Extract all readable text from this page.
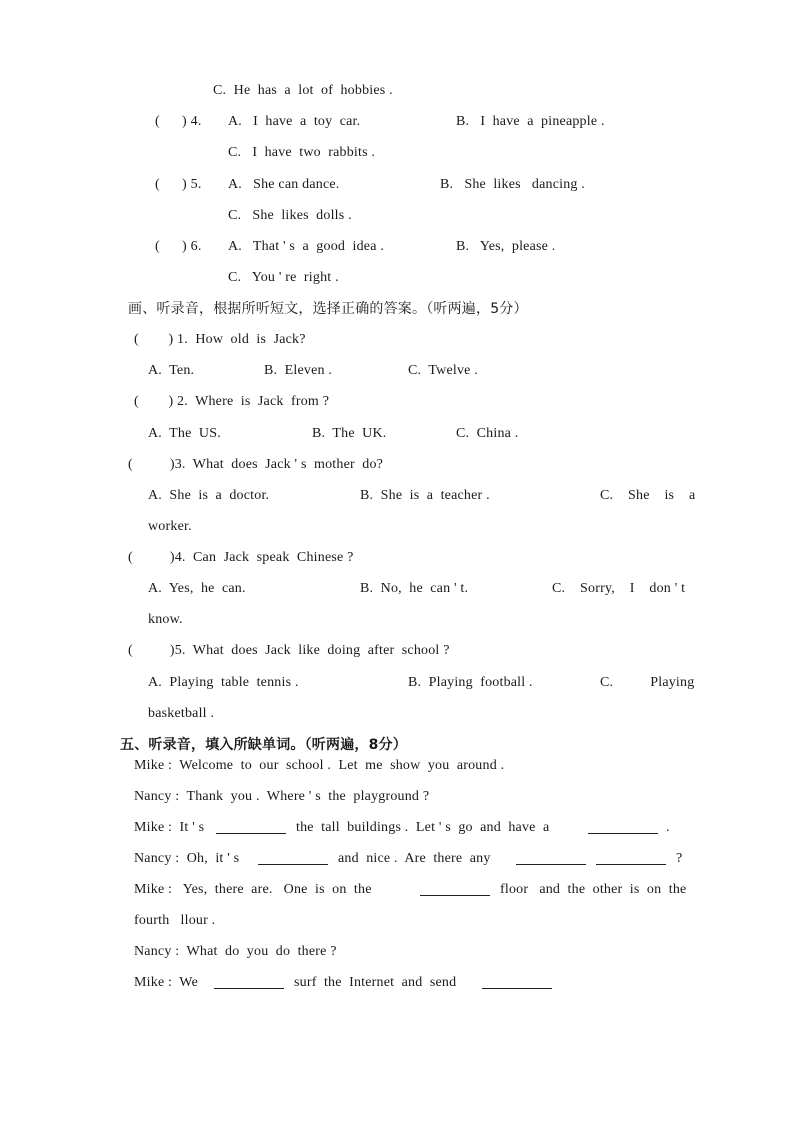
C.  He  has  a  lot  of  hobbies .
(      ) 4. A.   I  have  a  toy  car.	B.   I  have  a  pineapple .
C.   I  have  two  rabbits .
(      ) 5. A.   She can dance.	B.   She  likes   dancing .
C.   She  likes  dolls .
(      ) 6. A.   That ' s  a  good  idea .	B.   Yes,  please .
C.   You ' re  right .
画、听录音，根据所听短文，选择正确的答案。（听两遍，5分）
(        ) 1.  How  old  is  Jack?
A.  Ten.	B.  Eleven .	C.  Twelve .
(        ) 2.  Where  is  Jack  from ?
A.  The  US.	B.  The  UK.	C.  China .
(          )3.  What  does  Jack ' s  mother  do?
A.  She  is  a  doctor.	B.  She  is  a  teacher .	C.    She    is    a
worker.
(          )4.  Can  Jack  speak  Chinese ?
A.  Yes,  he  can.	B.  No,  he  can ' t.	C.    Sorry,    I    don ' t
know.
(          )5.  What  does  Jack  like  doing  after  school ?
A.  Playing  table  tennis .	B.  Playing  football .	C.          Playing
basketball .
五、听录音，填入所缺单词。（听两遍，8分）
Mike :  Welcome  to  our  school .  Let  me  show  you  around .
Nancy :  Thank  you .  Where ' s  the  playground ?
Mike :  It ' s	the  tall  buildings .  Let ' s  go  and  have  a	.
Nancy :  Oh,  it ' s	and  nice .  Are  there  any	?
Mike :   Yes,  there  are.   One  is  on  the	floor   and  the  other  is  on  the
fourth   llour .
Nancy :  What  do  you  do  there ?
Mike :  We	surf  the  Internet  and  send
